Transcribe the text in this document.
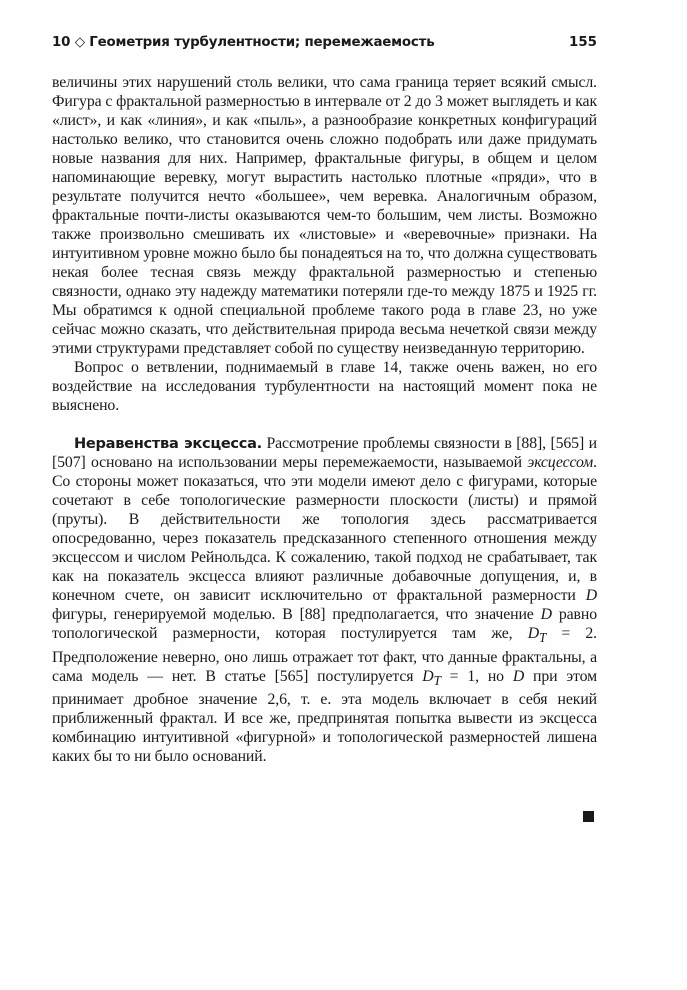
10 ◇ Геометрия турбулентности; перемежаемость	155

величины этих нарушений столь велики, что сама граница теряет всякий смысл. Фигура с фрактальной размерностью в интервале от 2 до 3 может выглядеть и как «лист», и как «линия», и как «пыль», а разнообразие конкретных конфигураций настолько велико, что становится очень сложно подобрать или даже придумать новые названия для них. Например, фрактальные фигуры, в общем и целом напоминающие веревку, могут вырастить настолько плотные «пряди», что в результате получится нечто «большее», чем веревка. Аналогичным образом, фрактальные почти-листы оказываются чем-то большим, чем листы. Возможно также произвольно смешивать их «листовые» и «веревочные» признаки. На интуитивном уровне можно было бы понадеяться на то, что должна существовать некая более тесная связь между фрактальной размерностью и степенью связности, однако эту надежду математики потеряли где-то между 1875 и 1925 гг. Мы обратимся к одной специальной проблеме такого рода в главе 23, но уже сейчас можно сказать, что действительная природа весьма нечеткой связи между этими структурами представляет собой по существу неизведанную территорию.

Вопрос о ветвлении, поднимаемый в главе 14, также очень важен, но его воздействие на исследования турбулентности на настоящий момент пока не выяснено.

Неравенства эксцесса. Рассмотрение проблемы связности в [88], [565] и [507] основано на использовании меры перемежаемости, называемой эксцессом. Со стороны может показаться, что эти модели имеют дело с фигурами, которые сочетают в себе топологические размерности плоскости (листы) и прямой (пруты). В действительности же топология здесь рассматривается опосредованно, через показатель предсказанного степенного отношения между эксцессом и числом Рейнольдса. К сожалению, такой подход не срабатывает, так как на показатель эксцесса влияют различные добавочные допущения, и, в конечном счете, он зависит исключительно от фрактальной размерности D фигуры, генерируемой моделью. В [88] предполагается, что значение D равно топологической размерности, которая постулируется там же, $D_T = 2$. Предположение неверно, оно лишь отражает тот факт, что данные фрактальны, а сама модель — нет. В статье [565] постулируется $D_T = 1$, но D при этом принимает дробное значение 2,6, т. е. эта модель включает в себя некий приближенный фрактал. И все же, предпринятая попытка вывести из эксцесса комбинацию интуитивной «фигурной» и топологической размерностей лишена каких бы то ни было оснований.
